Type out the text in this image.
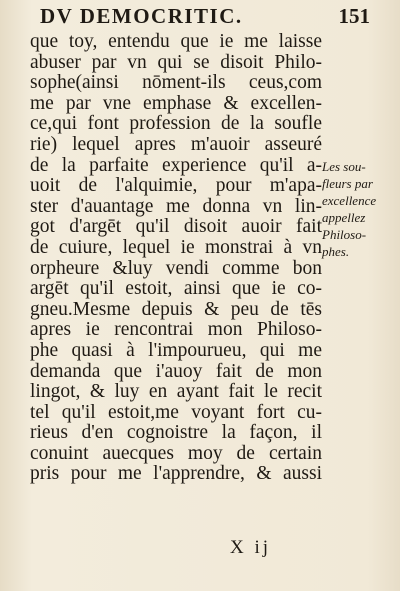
DV DEMOCRITIC.	151
que toy, entendu que ie me laisse
abuser par vn qui se disoit Philo-
sophe(ainsi nōment-ils ceus,com
me par vne emphase & excellen-
ce,qui font profession de la soufle
rie) lequel apres m'auoir asseuré
de la parfaite experience qu'il a-
uoit de l'alquimie, pour m'apa-
ster d'auantage me donna vn lin-
got d'argēt qu'il disoit auoir fait
de cuiure, lequel ie monstrai à vn
orpheure &luy vendi comme bon
argēt qu'il estoit, ainsi que ie co-
gneu.Mesme depuis & peu de tēs
apres ie rencontrai mon Philoso-
phe quasi à l'impourueu, qui me
demanda que i'auoy fait de mon
lingot, & luy en ayant fait le recit
tel qu'il estoit,me voyant fort cu-
rieus d'en cognoistre la façon, il
conuint auecques moy de certain
pris pour me l'apprendre, & aussi
Les sou-
fleurs par
excellence
appellez
Philoso-
phes.
X ij
